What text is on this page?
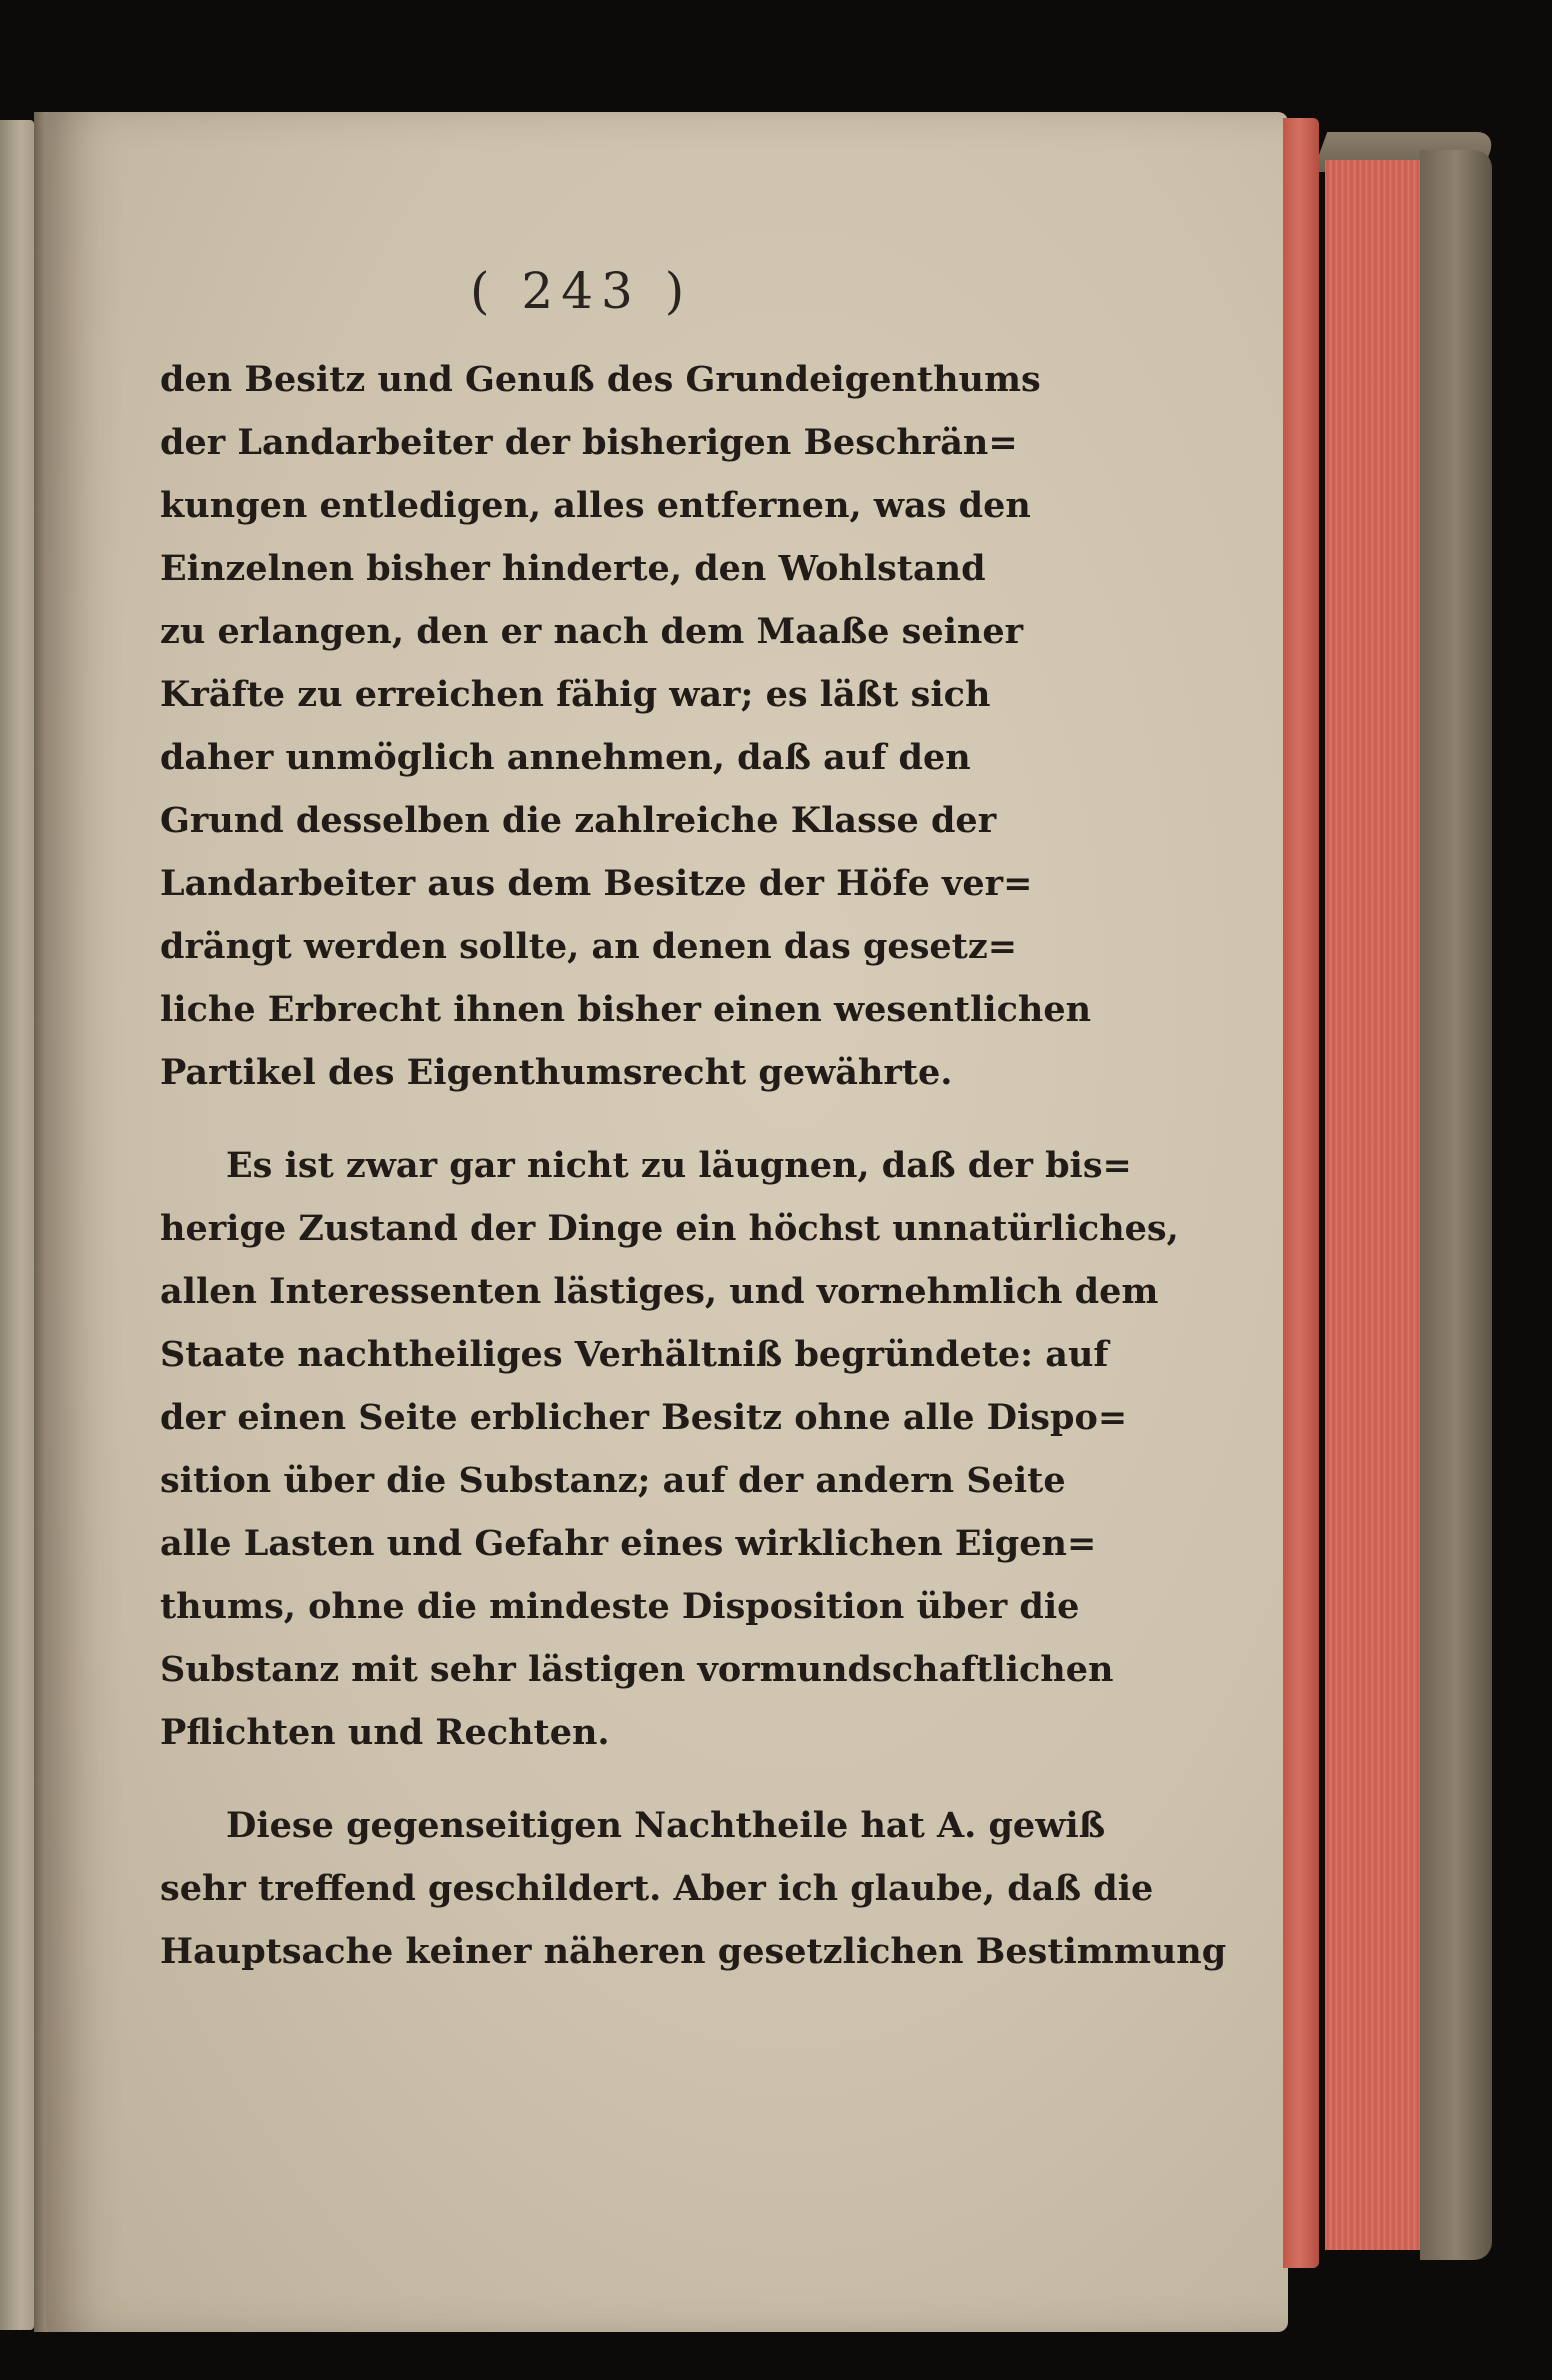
( 243 )
den Besitz und Genuß des Grundeigenthums
der Landarbeiter der bisherigen Beschrän=
kungen entledigen, alles entfernen, was den
Einzelnen bisher hinderte, den Wohlstand
zu erlangen, den er nach dem Maaße seiner
Kräfte zu erreichen fähig war; es läßt sich
daher unmöglich annehmen, daß auf den
Grund desselben die zahlreiche Klasse der
Landarbeiter aus dem Besitze der Höfe ver=
drängt werden sollte, an denen das gesetz=
liche Erbrecht ihnen bisher einen wesentlichen
Partikel des Eigenthumsrecht gewährte.
Es ist zwar gar nicht zu läugnen, daß der bis=
herige Zustand der Dinge ein höchst unnatürliches,
allen Interessenten lästiges, und vornehmlich dem
Staate nachtheiliges Verhältniß begründete: auf
der einen Seite erblicher Besitz ohne alle Dispo=
sition über die Substanz; auf der andern Seite
alle Lasten und Gefahr eines wirklichen Eigen=
thums, ohne die mindeste Disposition über die
Substanz mit sehr lästigen vormundschaftlichen
Pflichten und Rechten.
Diese gegenseitigen Nachtheile hat A. gewiß
sehr treffend geschildert. Aber ich glaube, daß die
Hauptsache keiner näheren gesetzlichen Bestimmung
